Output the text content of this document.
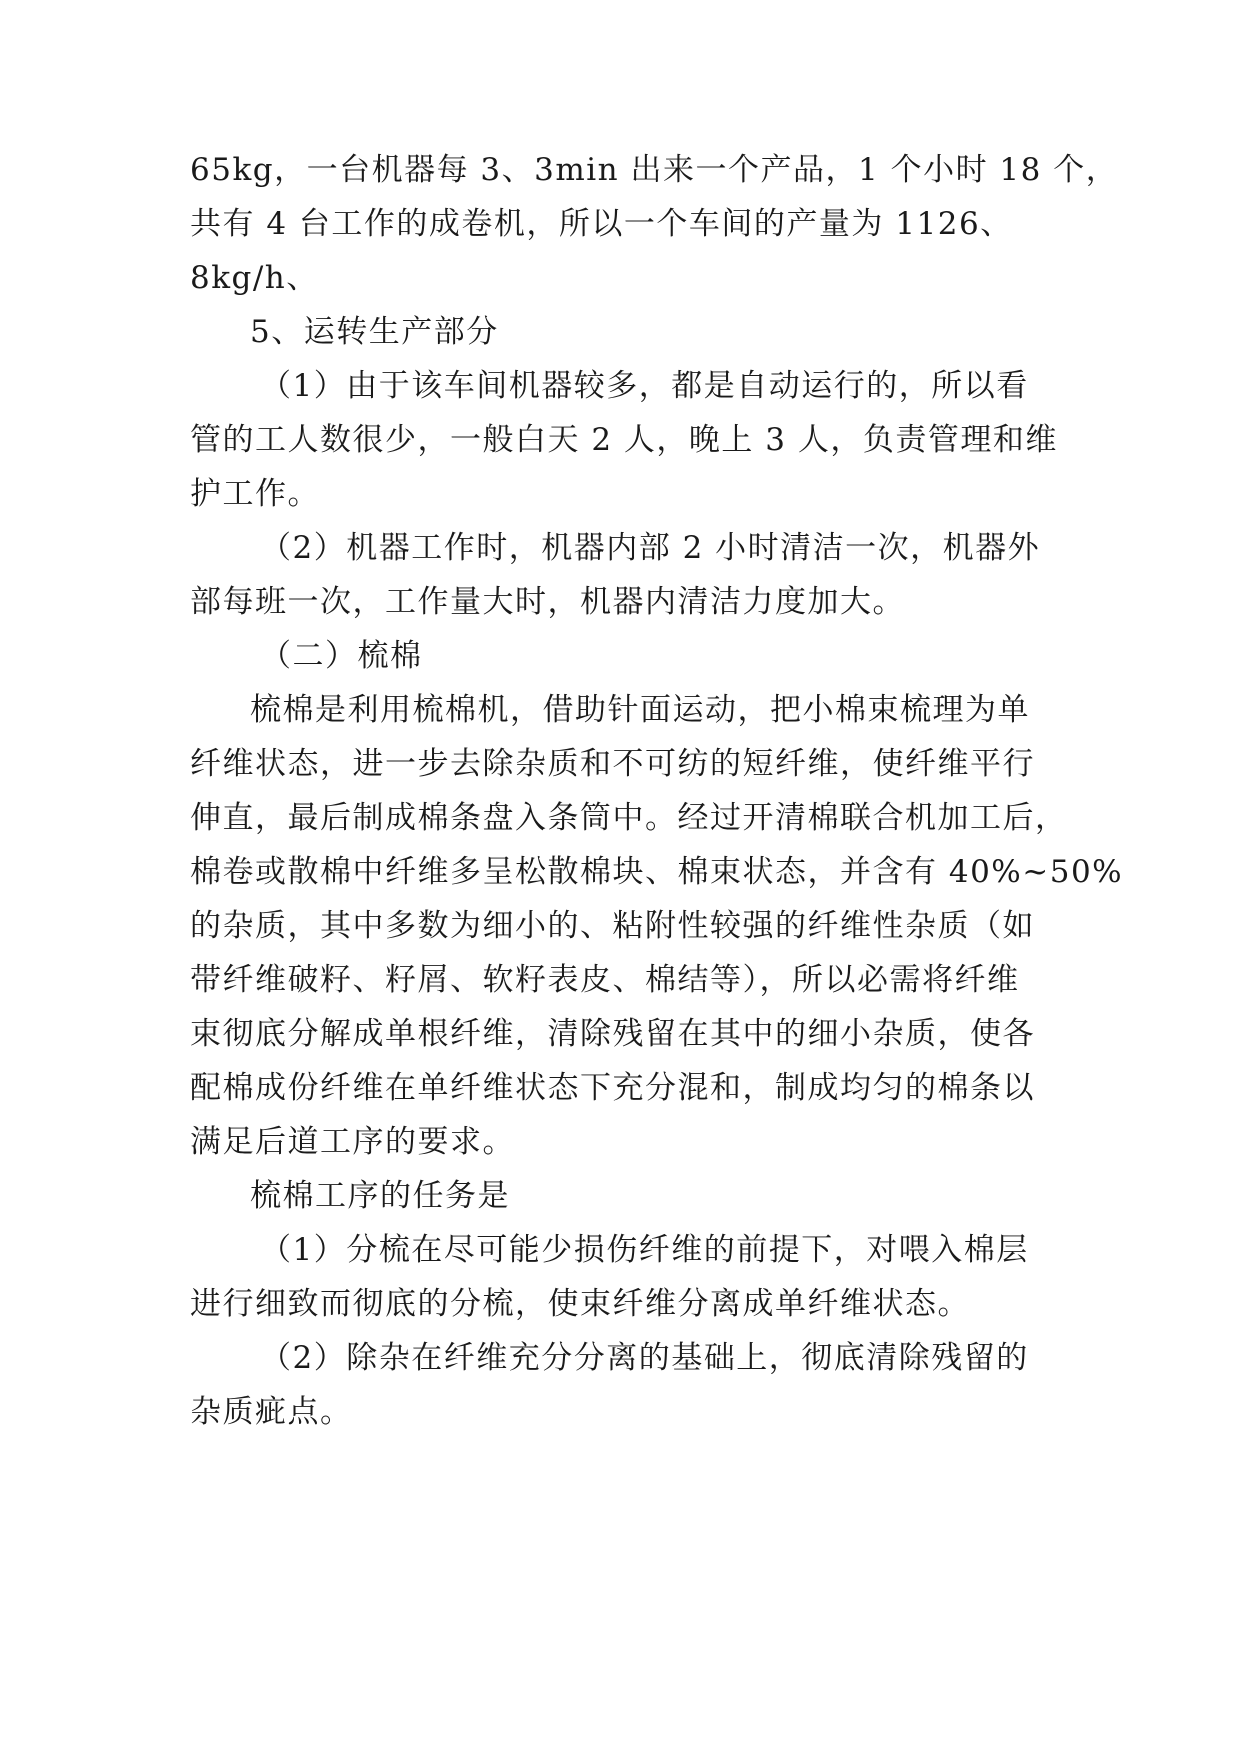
65kg，一台机器每 3、3min 出来一个产品，1 个小时 18 个，
共有 4 台工作的成卷机，所以一个车间的产量为 1126、
8kg/h、
5、运转生产部分
（1）由于该车间机器较多，都是自动运行的，所以看
管的工人数很少，一般白天 2 人，晚上 3 人，负责管理和维
护工作。
（2）机器工作时，机器内部 2 小时清洁一次，机器外
部每班一次，工作量大时，机器内清洁力度加大。
（二）梳棉
梳棉是利用梳棉机，借助针面运动，把小棉束梳理为单
纤维状态，进一步去除杂质和不可纺的短纤维，使纤维平行
伸直，最后制成棉条盘入条筒中。经过开清棉联合机加工后，
棉卷或散棉中纤维多呈松散棉块、棉束状态，并含有 40%~50%
的杂质，其中多数为细小的、粘附性较强的纤维性杂质（如
带纤维破籽、籽屑、软籽表皮、棉结等），所以必需将纤维
束彻底分解成单根纤维，清除残留在其中的细小杂质，使各
配棉成份纤维在单纤维状态下充分混和，制成均匀的棉条以
满足后道工序的要求。
梳棉工序的任务是
（1）分梳在尽可能少损伤纤维的前提下，对喂入棉层
进行细致而彻底的分梳，使束纤维分离成单纤维状态。
（2）除杂在纤维充分分离的基础上，彻底清除残留的
杂质疵点。
